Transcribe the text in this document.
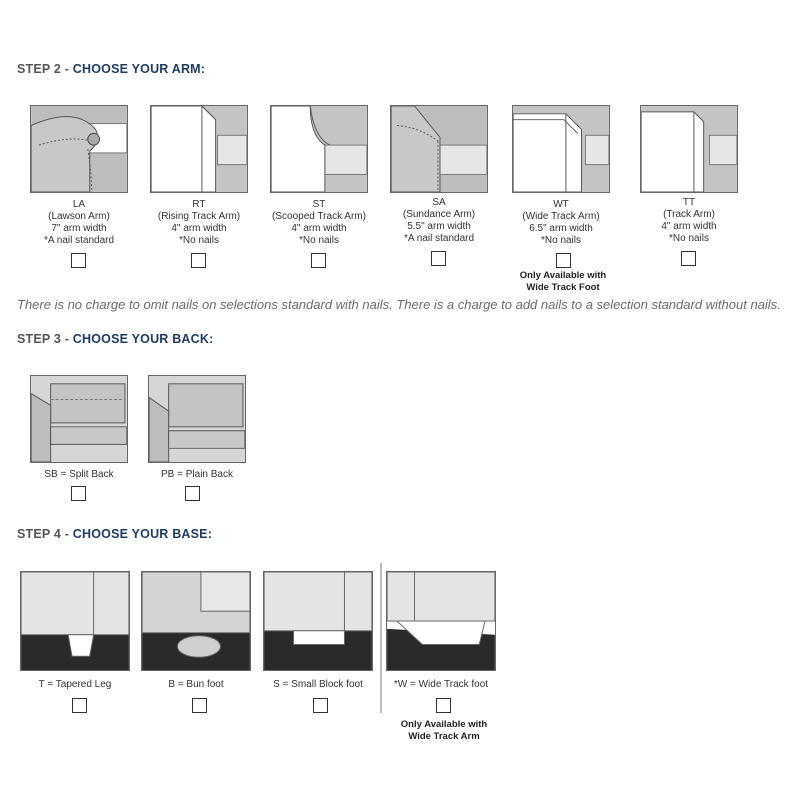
STEP 2 - CHOOSE YOUR ARM:
LA
(Lawson Arm)
7" arm width
*A nail standard
RT
(Rising Track Arm)
4" arm width
*No nails
ST
(Scooped Track Arm)
4" arm width
*No nails
SA
(Sundance Arm)
5.5" arm width
*A nail standard
WT
(Wide Track Arm)
6.5" arm width
*No nails
Only Available with
Wide Track Foot
TT
(Track Arm)
4" arm width
*No nails
There is no charge to omit nails on selections standard with nails. There is a charge to add nails to a selection standard without nails.
STEP 3 - CHOOSE YOUR BACK:
SB = Split Back	PB = Plain Back
STEP 4 - CHOOSE YOUR BASE:
T = Tapered Leg	B = Bun foot	S = Small Block foot	*W = Wide Track foot
Only Available with
Wide Track Arm
